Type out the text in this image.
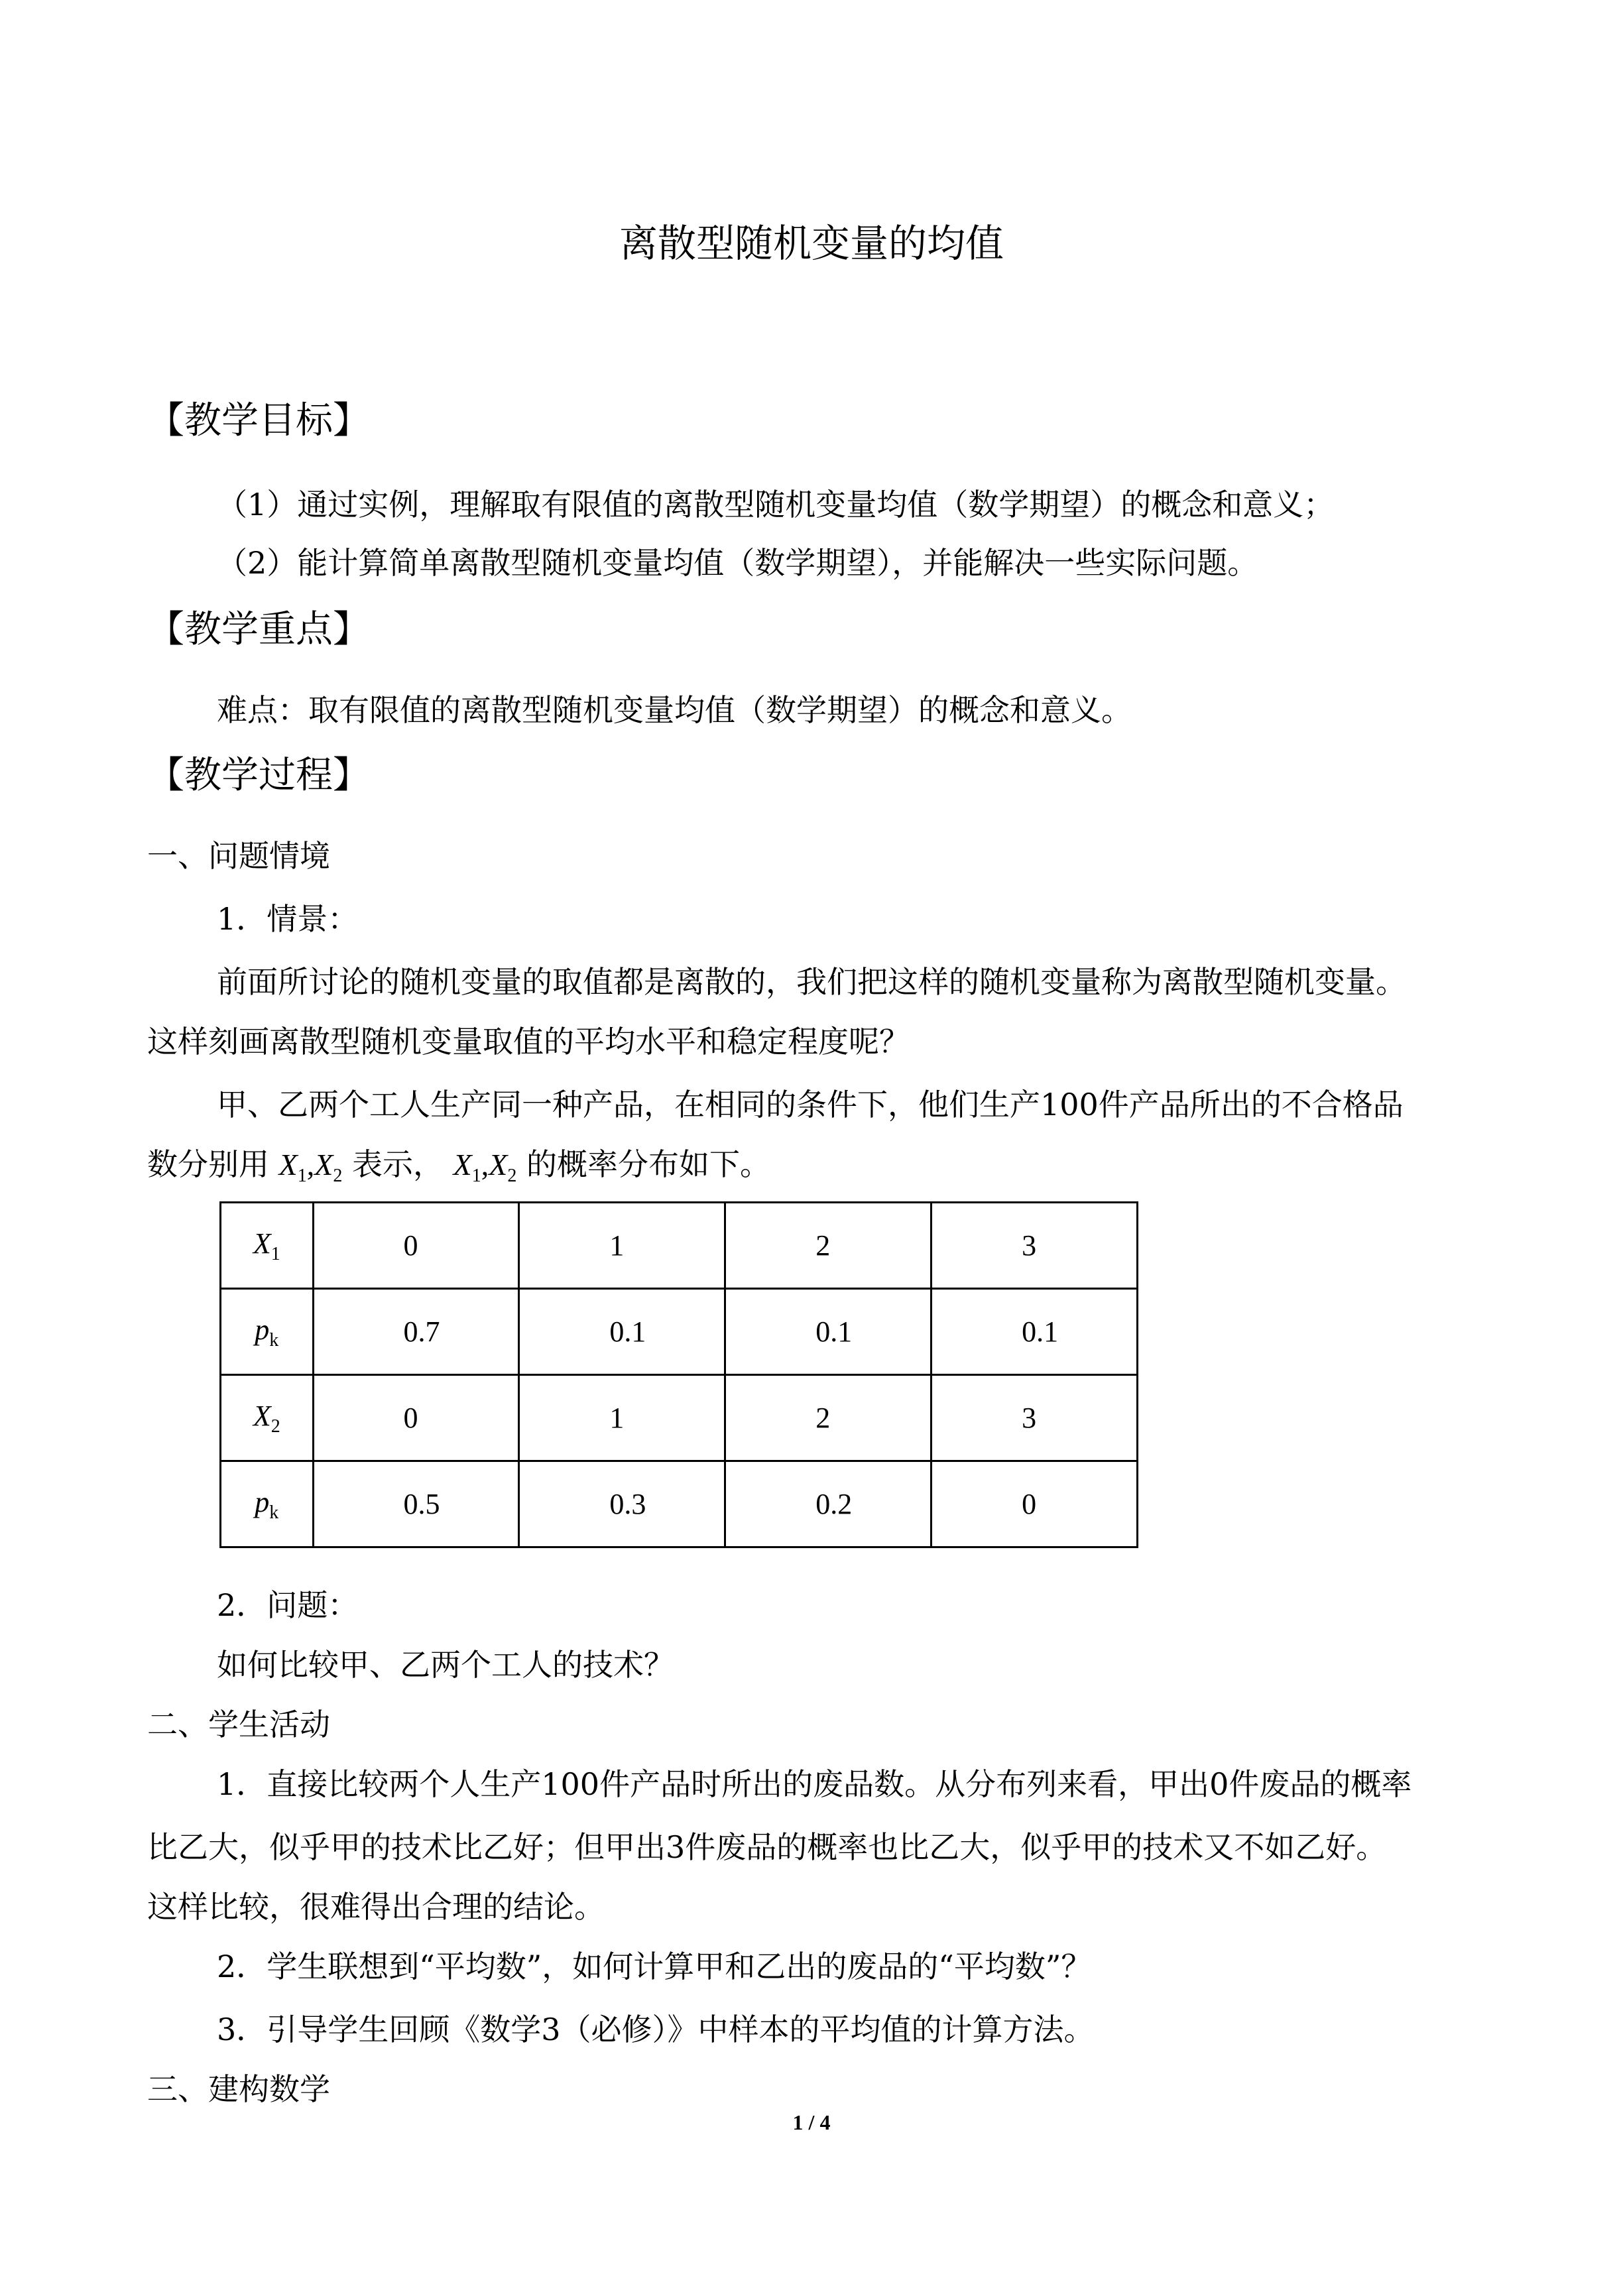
离散型随机变量的均值
【教学目标】
（1）通过实例，理解取有限值的离散型随机变量均值（数学期望）的概念和意义；
（2）能计算简单离散型随机变量均值（数学期望），并能解决一些实际问题。
【教学重点】
难点：取有限值的离散型随机变量均值（数学期望）的概念和意义。
【教学过程】
一、问题情境
1．情景：
前面所讨论的随机变量的取值都是离散的，我们把这样的随机变量称为离散型随机变量。
这样刻画离散型随机变量取值的平均水平和稳定程度呢？
甲、乙两个工人生产同一种产品，在相同的条件下，他们生产100件产品所出的不合格品
数分别用 $X_1,X_2$ 表示， $X_1,X_2$ 的概率分布如下。
$X_1$	0	1	2	3
$p_k$	0.7	0.1	0.1	0.1
$X_2$	0	1	2	3
$p_k$	0.5	0.3	0.2	0
2．问题：
如何比较甲、乙两个工人的技术？
二、学生活动
1．直接比较两个人生产100件产品时所出的废品数。从分布列来看，甲出0件废品的概率
比乙大，似乎甲的技术比乙好；但甲出3件废品的概率也比乙大，似乎甲的技术又不如乙好。
这样比较，很难得出合理的结论。
2．学生联想到“平均数”，如何计算甲和乙出的废品的“平均数”？
3．引导学生回顾《数学3（必修）》中样本的平均值的计算方法。
三、建构数学
1 / 4
